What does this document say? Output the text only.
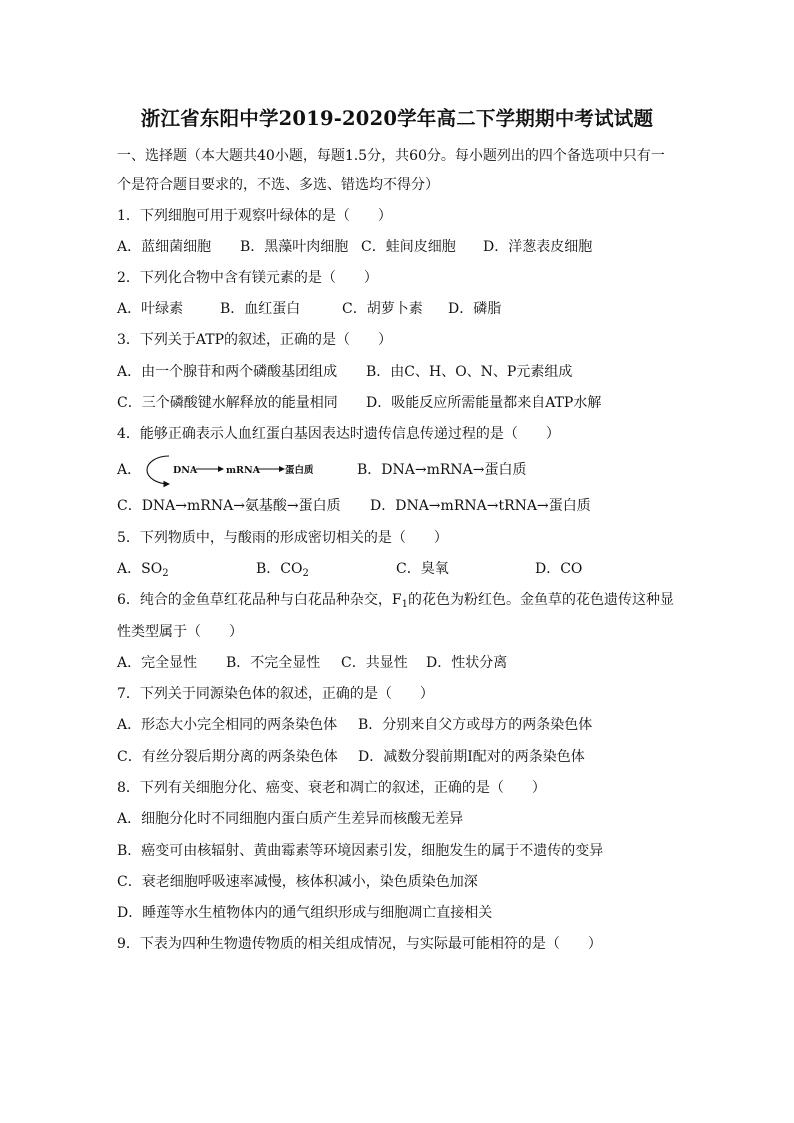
浙江省东阳中学2019-2020学年高二下学期期中考试试题
一、选择题（本大题共40小题，每题1.5分，共60分。每小题列出的四个备选项中只有一
个是符合题目要求的，不选、多选、错选均不得分）
1．下列细胞可用于观察叶绿体的是（　　）
A．蓝细菌细胞 B．黑藻叶肉细胞 C．蛙间皮细胞 D．洋葱表皮细胞
2．下列化合物中含有镁元素的是（　　）
A．叶绿素	B．血红蛋白	C．胡萝卜素 D．磷脂
3．下列关于ATP的叙述，正确的是（　　）
A．由一个腺苷和两个磷酸基团组成 B．由C、H、O、N、P元素组成
C．三个磷酸键水解释放的能量相同 D．吸能反应所需能量都来自ATP水解
4．能够正确表示人血红蛋白基因表达时遗传信息传递过程的是（　　）
A．	DNA	mRNA	蛋白质	B．DNA→mRNA→蛋白质
C．DNA→mRNA→氨基酸→蛋白质 D．DNA→mRNA→tRNA→蛋白质
5．下列物质中，与酸雨的形成密切相关的是（　　）
A．$SO_2$	B．$CO_2$	C．臭氧	D．CO
6．纯合的金鱼草红花品种与白花品种杂交，$F_1$的花色为粉红色。金鱼草的花色遗传这种显
性类型属于（　　）
A．完全显性 B．不完全显性 C．共显性 D．性状分离
7．下列关于同源染色体的叙述，正确的是（　　）
A．形态大小完全相同的两条染色体 B．分别来自父方或母方的两条染色体
C．有丝分裂后期分离的两条染色体 D．减数分裂前期Ⅰ配对的两条染色体
8．下列有关细胞分化、癌变、衰老和凋亡的叙述，正确的是（　　）
A．细胞分化时不同细胞内蛋白质产生差异而核酸无差异
B．癌变可由核辐射、黄曲霉素等环境因素引发，细胞发生的属于不遗传的变异
C．衰老细胞呼吸速率减慢，核体积减小，染色质染色加深
D．睡莲等水生植物体内的通气组织形成与细胞凋亡直接相关
9．下表为四种生物遗传物质的相关组成情况，与实际最可能相符的是（　　）
